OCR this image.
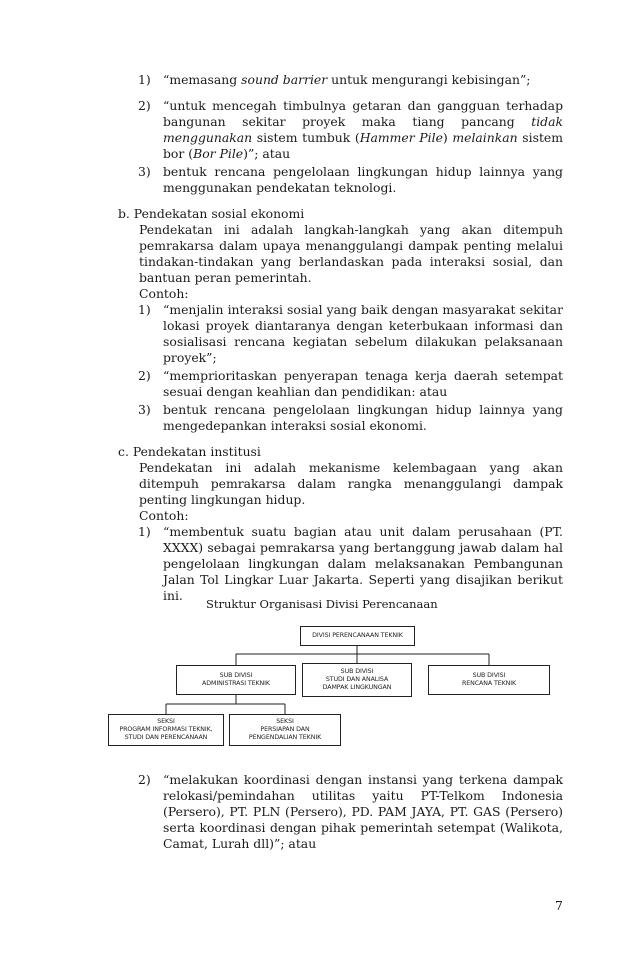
1) “memasang sound barrier untuk mengurangi kebisingan”;
2) “untuk mencegah timbulnya getaran dan gangguan terhadap
bangunan sekitar proyek maka tiang pancang tidak
menggunakan sistem tumbuk (Hammer Pile) melainkan sistem
bor (Bor Pile)”; atau
3) bentuk rencana pengelolaan lingkungan hidup lainnya yang
menggunakan pendekatan teknologi.
b. Pendekatan sosial ekonomi
Pendekatan ini adalah langkah-langkah yang akan ditempuh
pemrakarsa dalam upaya menanggulangi dampak penting melalui
tindakan-tindakan yang berlandaskan pada interaksi sosial, dan
bantuan peran pemerintah.
Contoh:
1) “menjalin interaksi sosial yang baik dengan masyarakat sekitar
lokasi proyek diantaranya dengan keterbukaan informasi dan
sosialisasi rencana kegiatan sebelum dilakukan pelaksanaan
proyek”;
2) “memprioritaskan penyerapan tenaga kerja daerah setempat
sesuai dengan keahlian dan pendidikan: atau
3) bentuk rencana pengelolaan lingkungan hidup lainnya yang
mengedepankan interaksi sosial ekonomi.
c. Pendekatan institusi
Pendekatan ini adalah mekanisme kelembagaan yang akan
ditempuh pemrakarsa dalam rangka menanggulangi dampak
penting lingkungan hidup.
Contoh:
1) “membentuk suatu bagian atau unit dalam perusahaan (PT.
XXXX) sebagai pemrakarsa yang bertanggung jawab dalam hal
pengelolaan lingkungan dalam melaksanakan Pembangunan
Jalan Tol Lingkar Luar Jakarta. Seperti yang disajikan berikut
ini.
Struktur Organisasi Divisi Perencanaan
DIVISI PERENCANAAN TEKNIK
SUB DIVISI
ADMINISTRASI TEKNIK
SUB DIVISI
STUDI DAN ANALISA
DAMPAK LINGKUNGAN
SUB DIVISI
RENCANA TEKNIK
SEKSI
PROGRAM INFORMASI TEKNIK,
STUDI DAN PERENCANAAN
SEKSI
PERSIAPAN DAN
PENGENDALIAN TEKNIK
2) “melakukan koordinasi dengan instansi yang terkena dampak
relokasi/pemindahan utilitas yaitu PT-Telkom Indonesia
(Persero), PT. PLN (Persero), PD. PAM JAYA, PT. GAS (Persero)
serta koordinasi dengan pihak pemerintah setempat (Walikota,
Camat, Lurah dll)”; atau
7
